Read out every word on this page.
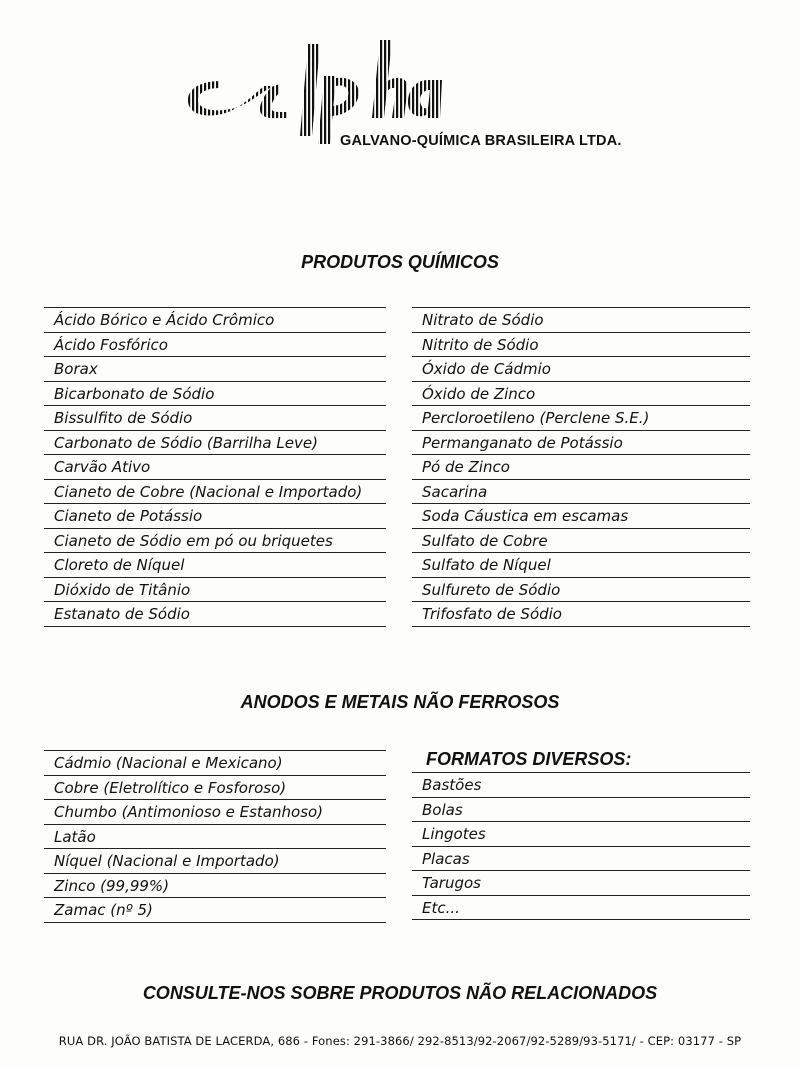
GALVANO-QUÍMICA BRASILEIRA LTDA.
PRODUTOS QUÍMICOS
Ácido Bórico e Ácido Crômico
Ácido Fosfórico
Borax
Bicarbonato de Sódio
Bissulfito de Sódio
Carbonato de Sódio (Barrilha Leve)
Carvão Ativo
Cianeto de Cobre (Nacional e Importado)
Cianeto de Potássio
Cianeto de Sódio em pó ou briquetes
Cloreto de Níquel
Dióxido de Titânio
Estanato de Sódio
Nitrato de Sódio
Nitrito de Sódio
Óxido de Cádmio
Óxido de Zinco
Percloroetileno (Perclene S.E.)
Permanganato de Potássio
Pó de Zinco
Sacarina
Soda Cáustica em escamas
Sulfato de Cobre
Sulfato de Níquel
Sulfureto de Sódio
Trifosfato de Sódio
ANODOS E METAIS NÃO FERROSOS
Cádmio (Nacional e Mexicano)
Cobre (Eletrolítico e Fosforoso)
Chumbo (Antimonioso e Estanhoso)
Latão
Níquel (Nacional e Importado)
Zinco (99,99%)
Zamac (nº 5)
FORMATOS DIVERSOS:
Bastões
Bolas
Lingotes
Placas
Tarugos
Etc...
CONSULTE-NOS SOBRE PRODUTOS NÃO RELACIONADOS
RUA DR. JOÃO BATISTA DE LACERDA, 686 - Fones: 291-3866/ 292-8513/92-2067/92-5289/93-5171/ - CEP: 03177 - SP
